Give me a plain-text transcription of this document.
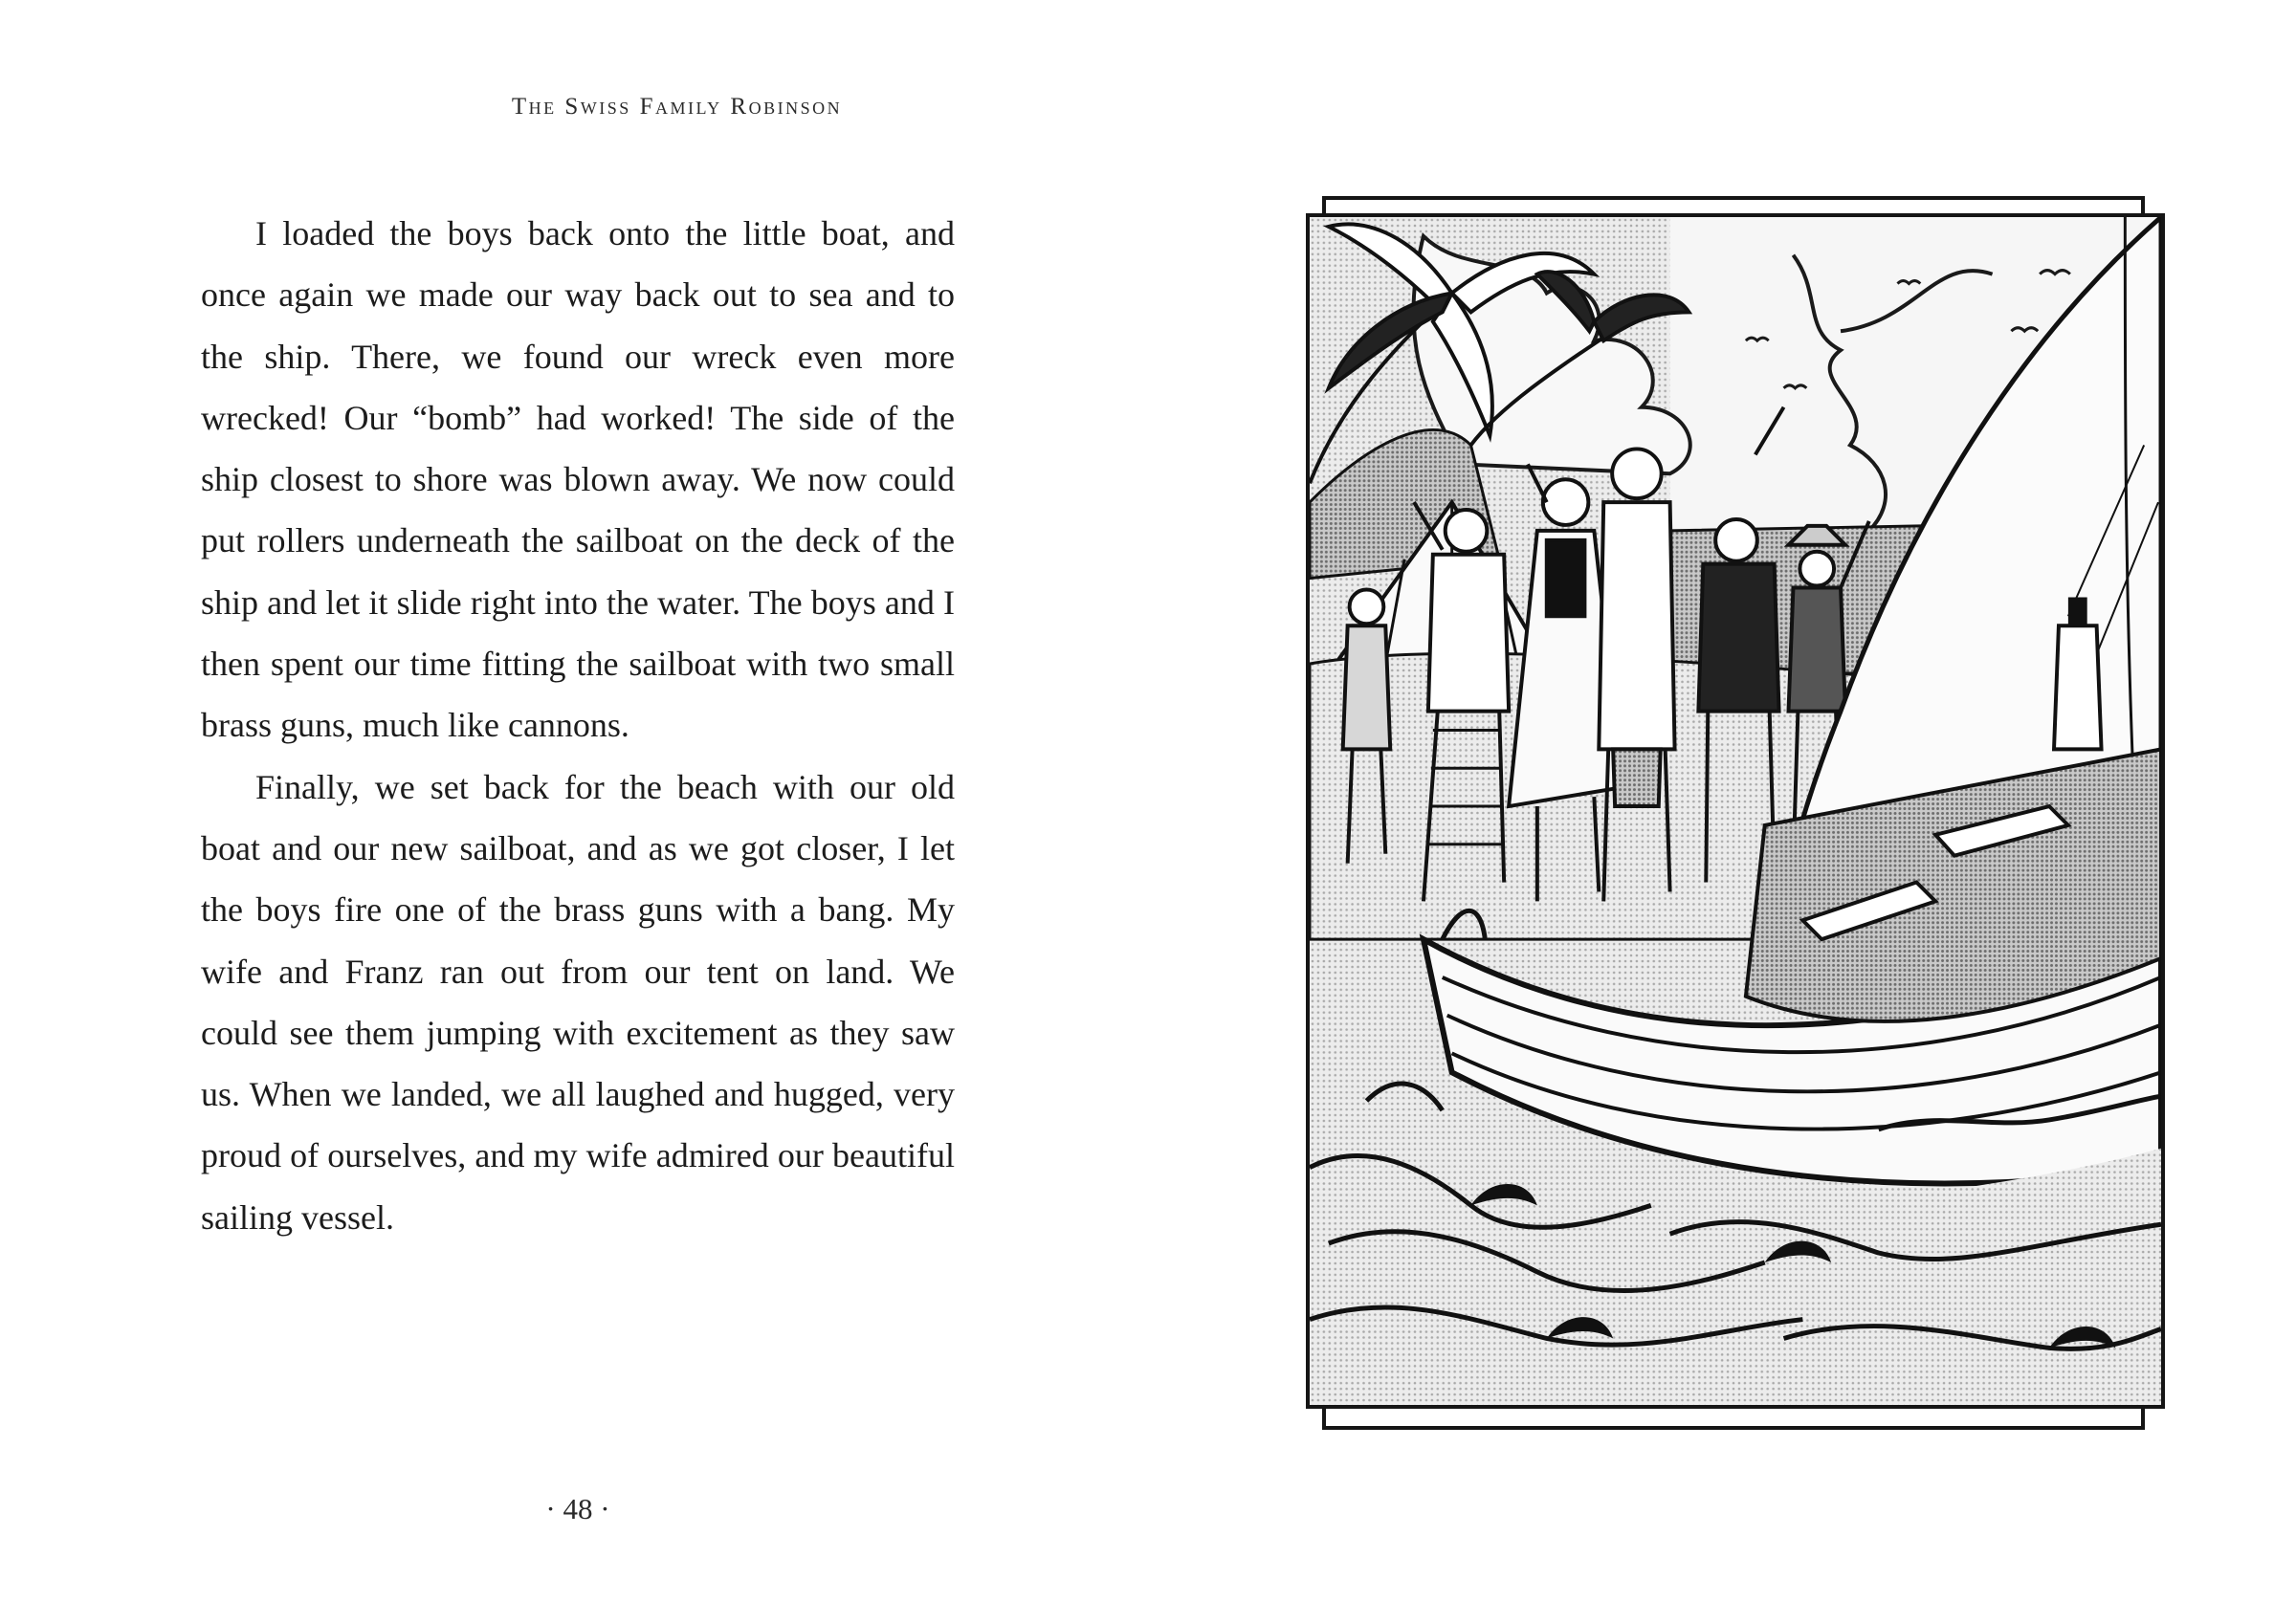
The Swiss Family Robinson

I loaded the boys back onto the little boat, and once again we made our way back out to sea and to the ship. There, we found our wreck even more wrecked! Our “bomb” had worked! The side of the ship closest to shore was blown away. We now could put rollers underneath the sailboat on the deck of the ship and let it slide right into the water. The boys and I then spent our time fitting the sailboat with two small brass guns, much like cannons.

Finally, we set back for the beach with our old boat and our new sailboat, and as we got closer, I let the boys fire one of the brass guns with a bang. My wife and Franz ran out from our tent on land. We could see them jumping with excitement as they saw us. When we landed, we all laughed and hugged, very proud of ourselves, and my wife admired our beautiful sailing vessel.

· 48 ·
